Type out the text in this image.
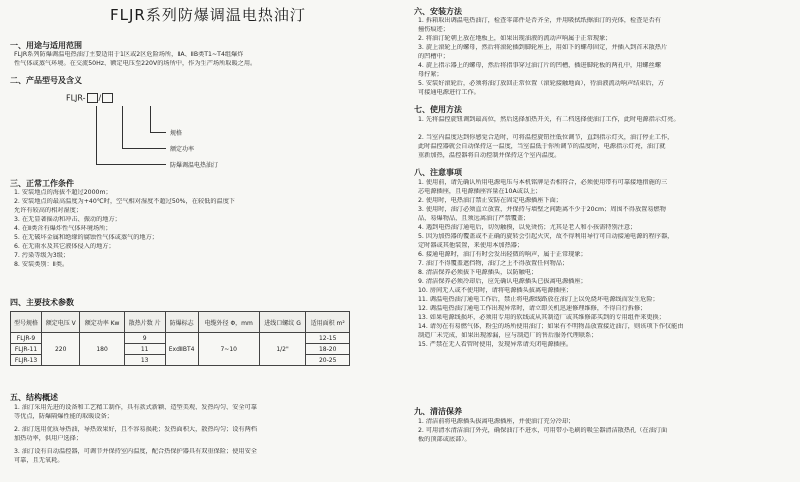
FLJR系列防爆调温电热油汀
一、用途与适用范围
FLJR系列防爆调温电热油汀主要适用于1区或2区危险场所，ⅡA、ⅡB类T1~T4组爆炸
性气体或蒸气环境。在交流50Hz、额定电压至220V的场所中，作为生产场所取暖之用。
二、产品型号及含义
FLJR- /
规格
额定功率
防爆调温电热油汀
三、正常工作条件
1. 安装地点的海拔不超过2000m；
2. 安装地点的最高温度为+40℃时，空气相对湿度不超过50%，在较低的温度下
允许有较高的相对湿度；
3. 在无显著摇动和冲击、振动的地方；
4. 在Ⅱ类含有爆炸性气体环境场所；
5. 在无破坏金属和绝缘的腐蚀性气体或蒸气的地方；
6. 在无雨水及其它液体侵入的地方；
7. 污染等级为3级；
8. 安装类别：Ⅱ类。
四、主要技术参数
型号规格	额定电压 V	额定功率 Kw	散热片数 片	防爆标志	电缆外径 Φ，mm	进线口螺纹 G	适用面积 m²
FLJR-9	220	180	9	ExdⅡBT4	7~10	1/2"	12-15
FLJR-11			11				18-20
FLJR-13			13				20-25
五、结构概述
1. 油汀采用先进的设备和工艺精工制作，具有款式新颖、造型美观、发热均匀、安全可靠
等优点，防爆隔爆性能的取暖设备；
2. 油汀选用优质导热油，导热效果好，且不容易损耗；发热面积大，散热均匀；设有两档
加热功率，供用户选择；
3. 油汀设有自动温控器，可调节并保持室内温度，配合热保护器具有双重保险；使用安全
可靠，且无氧耗。
六、安装方法
1. 拆箱取出调温电热油汀，检查零部件是否齐全，并用吸拭纸擦油汀的壳体，检查是否有
撞伤痕迹；
2. 将油汀轮朝上放在地板上，如果出现油液的流动声响属于正常现象；
3. 旋上滚轮上的螺母，然后将滚轮插到脚轮座上，用如下的螺母固定，并插入到首末散热片
的凹槽中；
4. 旋上指示器上的螺母，然后将指事穿过油汀片的凹槽，插进脚轮板的两孔中，用螺丝螺
母拧紧；
5. 安装好滚轮后，必须将油汀放回正常位置（滚轮接触地面），待油液流动响声结束后，方
可接通电源进行工作。
七、使用方法
1. 先将温控旋钮调到最高位，然后选择加热开关，有二档选择使油汀工作，此时电源指示灯亮。
2. 当室内温度达到你感觉合适时，可将温控旋钮往低位调节，直到指示灯灭，油汀停止工作，
此时温控器就会自动保持这一温度，当室温低于你所调节的温度时，电源指示灯亮，油汀就
重新加热，温控器将自动控制并保持这个室内温度。
八、注意事项
1. 使用前，请先确认所用电源电压与本机铭牌是否相符合，必须使用带有可靠接地措施的三
芯电源插座，且电源插座容量在10A或以上；
2. 使用时，电热油汀禁止安防在固定电源插座下面；
3. 使用时，油汀必须直立放置，并保持与墙壁之间距离不少于20cm；周围不得放置易燃物
品，易爆物品，且须远离油汀严禁覆盖；
4. 遇到电热油汀通电后，切勿触摸，以免烫伤；尤其是老人和小孩需特别注意；
5. 因为加热器的覆盖或不正确的旋转会引起火灾，故不得利用导行可自动接通电源的程序器，
定时器或其他装置，来使用本加热器；
6. 接通电源时，油汀有时会发出轻微的响声，属于正常现象；
7. 油汀不得覆盖遮挡物，油汀之上不得放置任何物品；
8. 清洁保养必须拔下电源插头，以防触电；
9. 清洁保养必须冷却后，应先确认电源插头已拔离电源插座；
10. 房间无人或不使用时，请将电源插头拔离电源插座；
11. 调温电热油汀通电工作后，禁止将电源线路放在油汀上以免烧坏电源线而发生危险；
12. 调温电热油汀通电工作出现异常时，请立即关机迅速修理维修，不得自行拆修；
13. 如果电源线损坏，必须用专用的软线或从其制造厂或其维修部买到的专用组件来更换；
14. 请勿在有易燃气体，粉尘的场所使用油汀；如果有不明物品放置接近油汀，则该项下作仅能由
制造厂未完成，如果出现渗漏，应与制造厂的售后服务代理联系；
15. 严禁在无人看管时使用，发现异常请关闭电源插座。
九、清洁保养
1. 清洁前将电源插头拔离电源插座，并使油汀充分冷却；
2. 可用清水清洁油汀外壳，确保油汀不进水，可用带小毛刷的吸尘器清洁散热孔（在油汀面
板的顶部或底部）。
